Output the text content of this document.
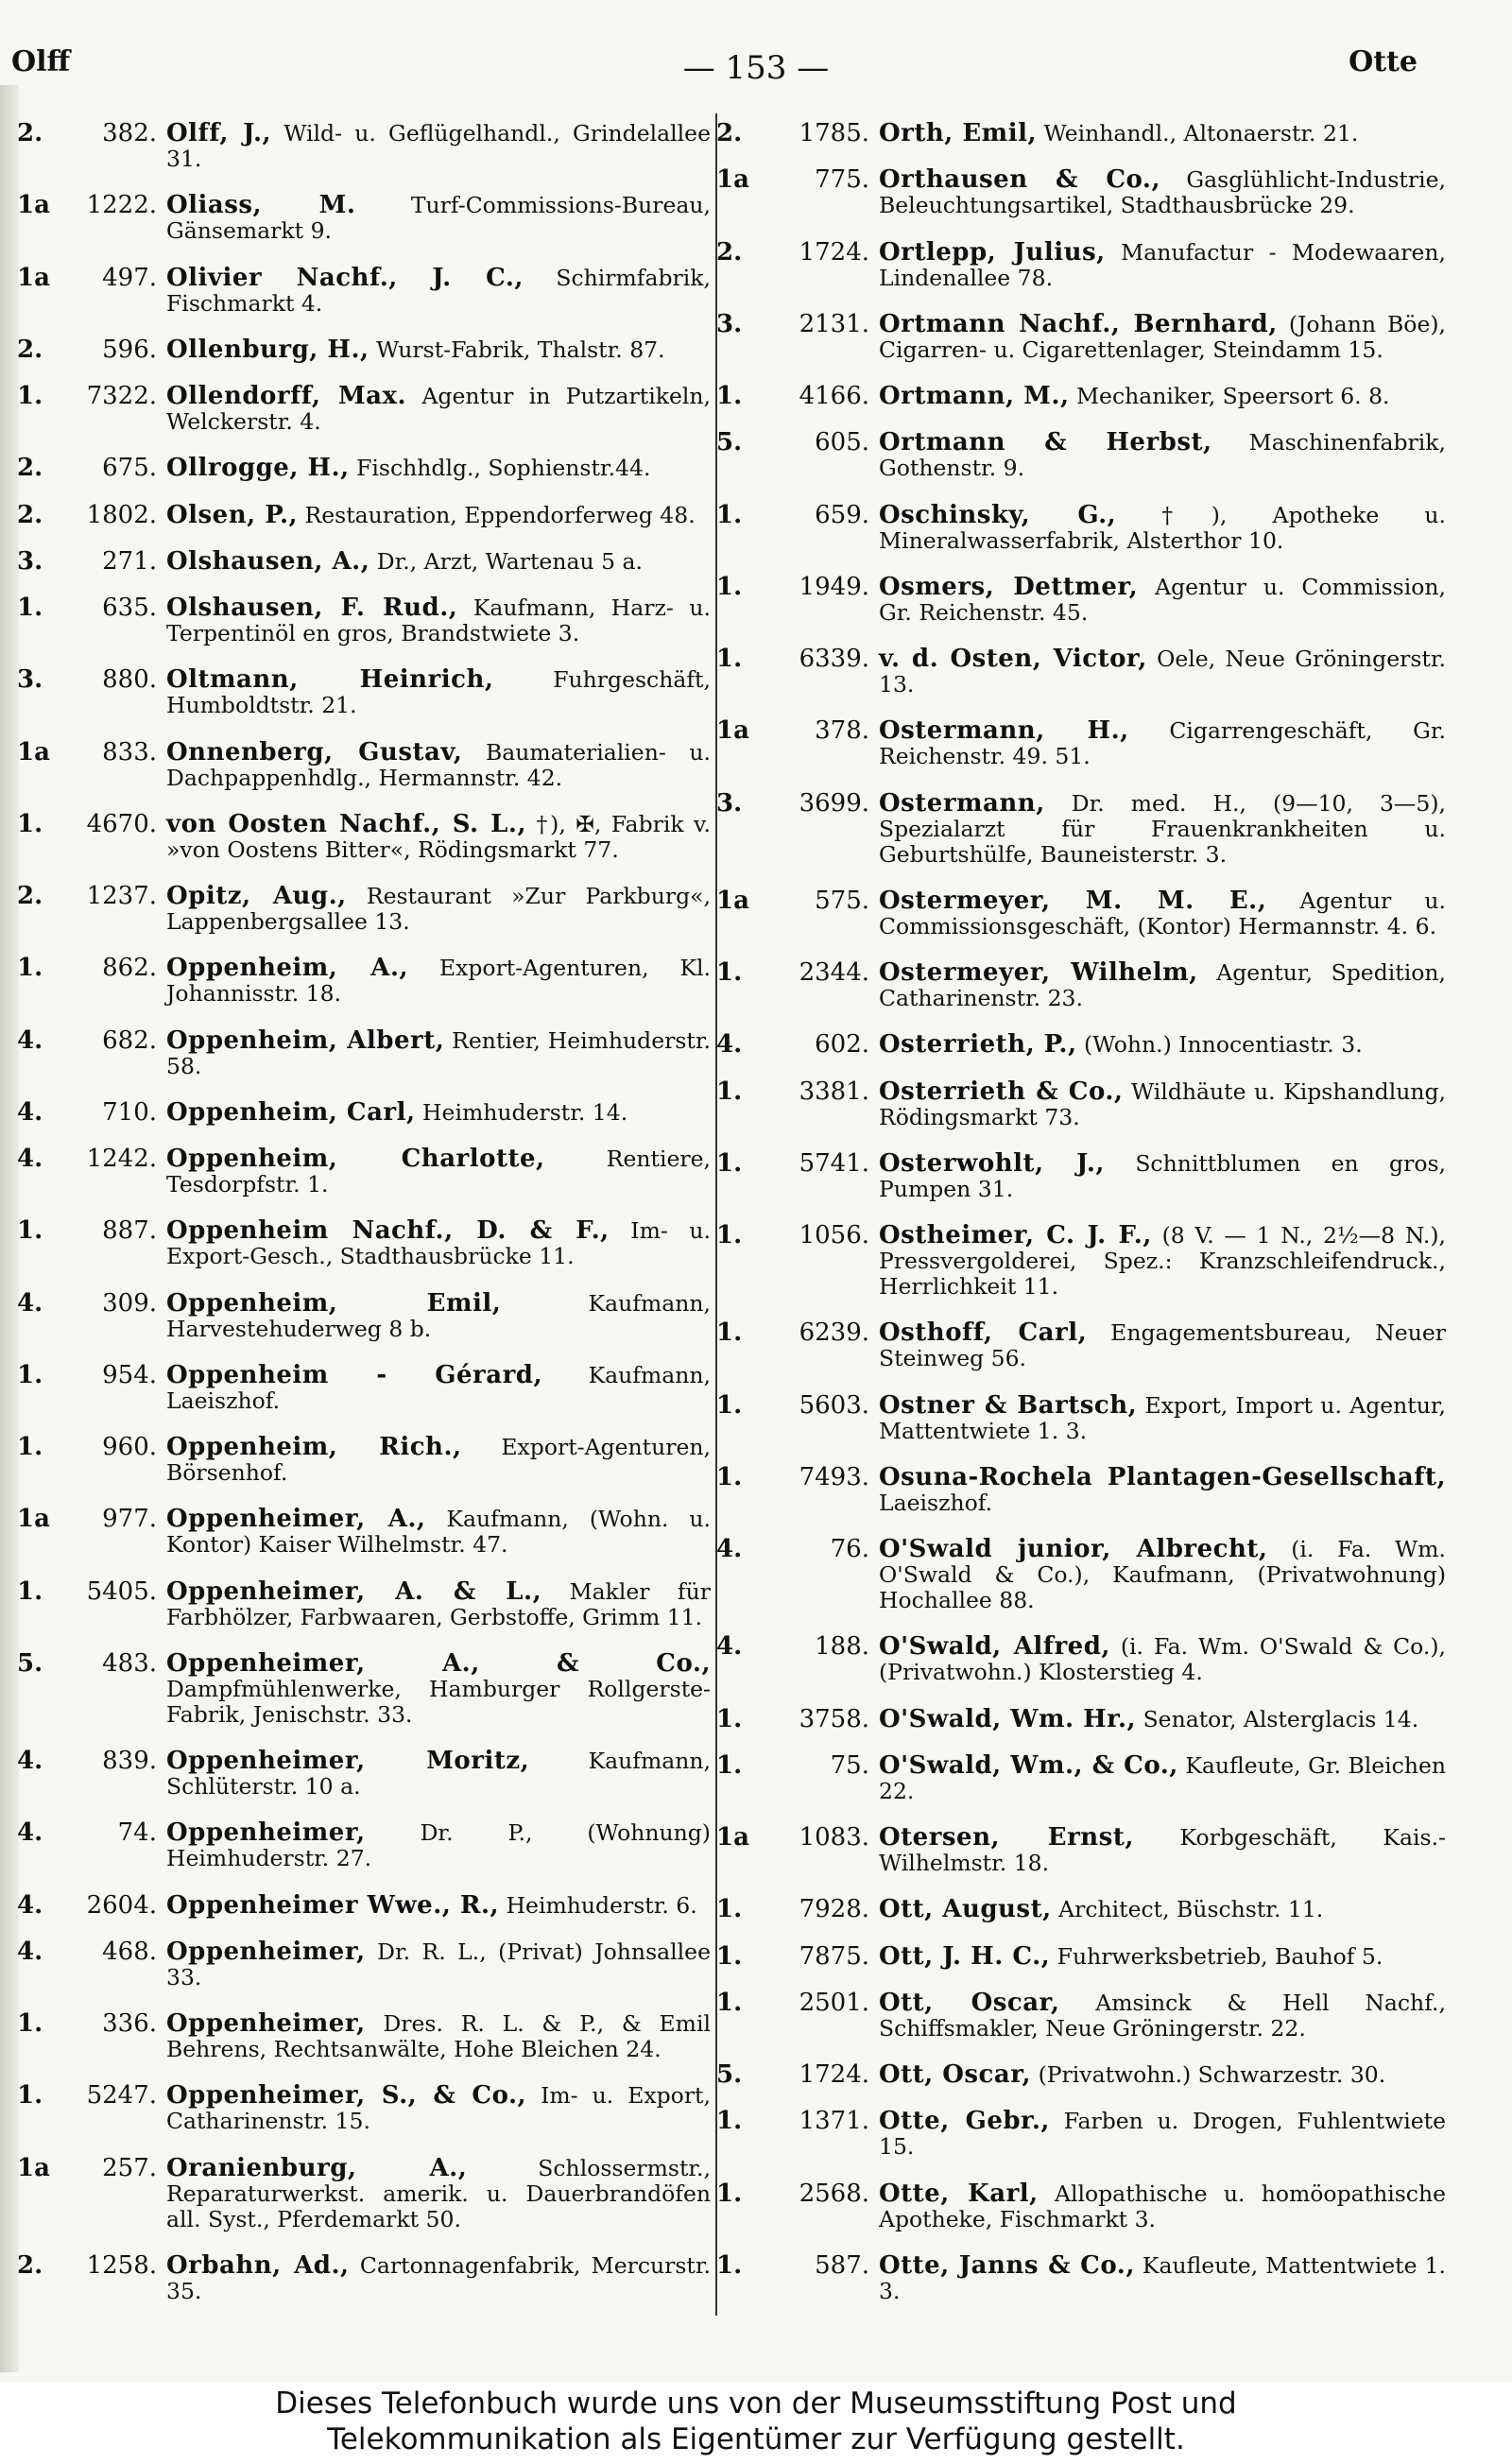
Olff	— 153 —	Otte
2.	382. Olff, J., Wild- u. Geflügelhandl., Grindelallee 31.
1a	1222. Oliass, M. Turf-Commissions-Bureau, Gänsemarkt 9.
1a	497. Olivier Nachf., J. C., Schirmfabrik, Fischmarkt 4.
2.	596. Ollenburg, H., Wurst-Fabrik, Thalstr. 87.
1.	7322. Ollendorff, Max. Agentur in Putzartikeln, Welckerstr. 4.
2.	675. Ollrogge, H., Fischhdlg., Sophienstr.44.
2.	1802. Olsen, P., Restauration, Eppendorferweg 48.
3.	271. Olshausen, A., Dr., Arzt, Wartenau 5 a.
1.	635. Olshausen, F. Rud., Kaufmann, Harz- u. Terpentinöl en gros, Brandstwiete 3.
3.	880. Oltmann, Heinrich,	Fuhrgeschäft, Humboldtstr. 21.
1a	833. Onnenberg, Gustav, Baumaterialien- u. Dachpappenhdlg., Hermannstr. 42.
1.	4670. von Oosten Nachf., S. L., †), ✠, Fabrik v. »von Oostens Bitter«, Rödingsmarkt 77.
2.	1237. Opitz, Aug., Restaurant »Zur Parkburg«, Lappenbergsallee 13.
1.	862. Oppenheim, A., Export-Agenturen, Kl. Johannisstr. 18.
4.	682. Oppenheim, Albert, Rentier, Heimhuderstr. 58.
4.	710. Oppenheim, Carl, Heimhuderstr. 14.
4.	1242. Oppenheim, Charlotte,	Rentiere, Tesdorpfstr. 1.
1.	887. Oppenheim Nachf., D. & F., Im- u. Export-Gesch., Stadthausbrücke 11.
4.	309. Oppenheim, Emil,	Kaufmann, Harvestehuderweg 8 b.
1.	954. Oppenheim - Gérard, Kaufmann, Laeiszhof.
1.	960. Oppenheim, Rich., Export-Agenturen, Börsenhof.
1a	977. Oppenheimer, A., Kaufmann, (Wohn. u. Kontor) Kaiser Wilhelmstr. 47.
1.	5405. Oppenheimer, A. & L., Makler für Farbhölzer, Farbwaaren, Gerbstoffe, Grimm 11.
5.	483. Oppenheimer, A., & Co., Dampfmühlenwerke, Hamburger Rollgerste-Fabrik, Jenischstr. 33.
4.	839. Oppenheimer, Moritz,	Kaufmann, Schlüterstr. 10 a.
4.	74. Oppenheimer, Dr. P., (Wohnung) Heimhuderstr. 27.
4.	2604. Oppenheimer Wwe., R., Heimhuderstr. 6.
4.	468. Oppenheimer, Dr. R. L., (Privat) Johnsallee 33.
1.	336. Oppenheimer, Dres. R. L. & P., & Emil Behrens, Rechtsanwälte, Hohe Bleichen 24.
1.	5247. Oppenheimer, S., & Co., Im- u. Export, Catharinenstr. 15.
1a	257. Oranienburg, A.,	Schlossermstr., Reparaturwerkst. amerik. u. Dauerbrandöfen all. Syst., Pferdemarkt 50.
2.	1258. Orbahn, Ad., Cartonnagenfabrik, Mercurstr. 35.
2.	1785. Orth, Emil, Weinhandl., Altonaerstr. 21.
1a	775. Orthausen & Co., Gasglühlicht-Industrie, Beleuchtungsartikel, Stadthausbrücke 29.
2.	1724. Ortlepp, Julius, Manufactur - Modewaaren, Lindenallee 78.
3.	2131. Ortmann Nachf., Bernhard, (Johann Böe), Cigarren- u. Cigarettenlager, Steindamm 15.
1.	4166. Ortmann, M., Mechaniker, Speersort 6. 8.
5.	605. Ortmann & Herbst, Maschinenfabrik, Gothenstr. 9.
1.	659. Oschinsky, G., †), Apotheke u. Mineralwasserfabrik, Alsterthor 10.
1.	1949. Osmers, Dettmer, Agentur u. Commission, Gr. Reichenstr. 45.
1.	6339. v. d. Osten, Victor, Oele, Neue Gröningerstr. 13.
1a	378. Ostermann, H., Cigarrengeschäft, Gr. Reichenstr. 49. 51.
3.	3699. Ostermann, Dr. med. H., (9—10, 3—5), Spezialarzt für Frauenkrankheiten u. Geburtshülfe, Bauneisterstr. 3.
1a	575. Ostermeyer, M. M. E., Agentur u. Commissionsgeschäft, (Kontor) Hermannstr. 4. 6.
1.	2344. Ostermeyer, Wilhelm, Agentur, Spedition, Catharinenstr. 23.
4.	602. Osterrieth, P., (Wohn.) Innocentiastr. 3.
1.	3381. Osterrieth & Co., Wildhäute u. Kipshandlung, Rödingsmarkt 73.
1.	5741. Osterwohlt, J., Schnittblumen en gros, Pumpen 31.
1.	1056. Ostheimer, C. J. F., (8 V. — 1 N., 2½—8 N.), Pressvergolderei, Spez.: Kranzschleifendruck., Herrlichkeit 11.
1.	6239. Osthoff, Carl, Engagementsbureau, Neuer Steinweg 56.
1.	5603. Ostner & Bartsch, Export, Import u. Agentur, Mattentwiete 1. 3.
1.	7493. Osuna-Rochela Plantagen-Gesellschaft, Laeiszhof.
4.	76. O'Swald junior, Albrecht, (i. Fa. Wm. O'Swald & Co.), Kaufmann, (Privatwohnung) Hochallee 88.
4.	188. O'Swald, Alfred, (i. Fa. Wm. O'Swald & Co.), (Privatwohn.) Klosterstieg 4.
1.	3758. O'Swald, Wm. Hr., Senator, Alsterglacis 14.
1.	75. O'Swald, Wm., & Co., Kaufleute, Gr. Bleichen 22.
1a	1083. Otersen, Ernst, Korbgeschäft, Kais.-Wilhelmstr. 18.
1.	7928. Ott, August, Architect, Büschstr. 11.
1.	7875. Ott, J. H. C., Fuhrwerksbetrieb, Bauhof 5.
1.	2501. Ott, Oscar, Amsinck & Hell Nachf., Schiffsmakler, Neue Gröningerstr. 22.
5.	1724. Ott, Oscar, (Privatwohn.) Schwarzestr. 30.
1.	1371. Otte, Gebr., Farben u. Drogen, Fuhlentwiete 15.
1.	2568. Otte, Karl, Allopathische u. homöopathische Apotheke, Fischmarkt 3.
1.	587. Otte, Janns & Co., Kaufleute, Mattentwiete 1. 3.
Dieses Telefonbuch wurde uns von der Museumsstiftung Post und
Telekommunikation als Eigentümer zur Verfügung gestellt.
